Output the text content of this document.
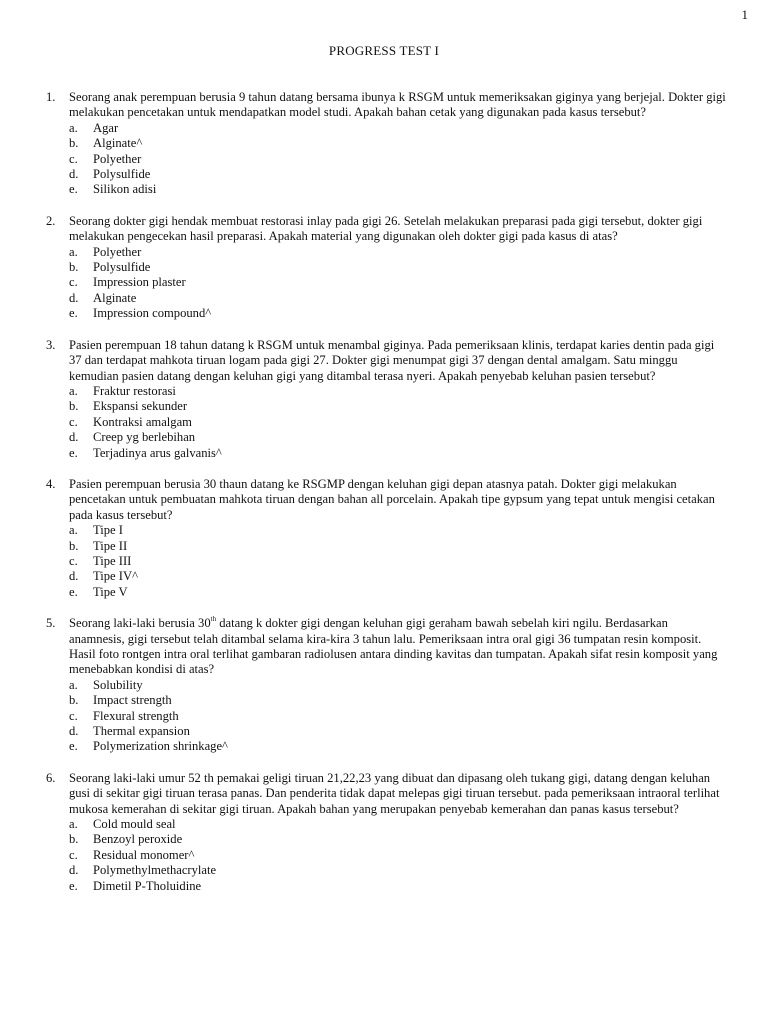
1
PROGRESS TEST I
1. Seorang anak perempuan berusia 9 tahun datang bersama ibunya k RSGM untuk memeriksakan giginya yang berjejal. Dokter gigi melakukan pencetakan untuk mendapatkan model studi. Apakah bahan cetak yang digunakan pada kasus tersebut?
a. Agar
b. Alginate^
c. Polyether
d. Polysulfide
e. Silikon adisi
2. Seorang dokter gigi hendak membuat restorasi inlay pada gigi 26. Setelah melakukan preparasi pada gigi tersebut, dokter gigi melakukan pengecekan hasil preparasi. Apakah material yang digunakan oleh dokter gigi pada kasus di atas?
a. Polyether
b. Polysulfide
c. Impression plaster
d. Alginate
e. Impression compound^
3. Pasien perempuan 18 tahun datang k RSGM untuk menambal giginya. Pada pemeriksaan klinis, terdapat karies dentin pada gigi 37 dan terdapat mahkota tiruan logam pada gigi 27. Dokter gigi menumpat gigi 37 dengan dental amalgam. Satu minggu kemudian pasien datang dengan keluhan gigi yang ditambal terasa nyeri. Apakah penyebab keluhan pasien tersebut?
a. Fraktur restorasi
b. Ekspansi sekunder
c. Kontraksi amalgam
d. Creep yg berlebihan
e. Terjadinya arus galvanis^
4. Pasien perempuan berusia 30 thaun datang ke RSGMP dengan keluhan gigi depan atasnya patah. Dokter gigi melakukan pencetakan untuk pembuatan mahkota tiruan dengan bahan all porcelain. Apakah tipe gypsum yang tepat untuk mengisi cetakan pada kasus tersebut?
a. Tipe I
b. Tipe II
c. Tipe III
d. Tipe IV^
e. Tipe V
5. Seorang laki-laki berusia 30th datang k dokter gigi dengan keluhan gigi geraham bawah sebelah kiri ngilu. Berdasarkan anamnesis, gigi tersebut telah ditambal selama kira-kira 3 tahun lalu. Pemeriksaan intra oral gigi 36 tumpatan resin komposit. Hasil foto rontgen intra oral terlihat gambaran radiolusen antara dinding kavitas dan tumpatan. Apakah sifat resin komposit yang menebabkan kondisi di atas?
a. Solubility
b. Impact strength
c. Flexural strength
d. Thermal expansion
e. Polymerization shrinkage^
6. Seorang laki-laki umur 52 th pemakai geligi tiruan 21,22,23 yang dibuat dan dipasang oleh tukang gigi, datang dengan keluhan gusi di sekitar gigi tiruan terasa panas. Dan penderita tidak dapat melepas gigi tiruan tersebut. pada pemeriksaan intraoral terlihat mukosa kemerahan di sekitar gigi tiruan. Apakah bahan yang merupakan penyebab kemerahan dan panas kasus tersebut?
a. Cold mould seal
b. Benzoyl peroxide
c. Residual monomer^
d. Polymethylmethacrylate
e. Dimetil P-Tholuidine
